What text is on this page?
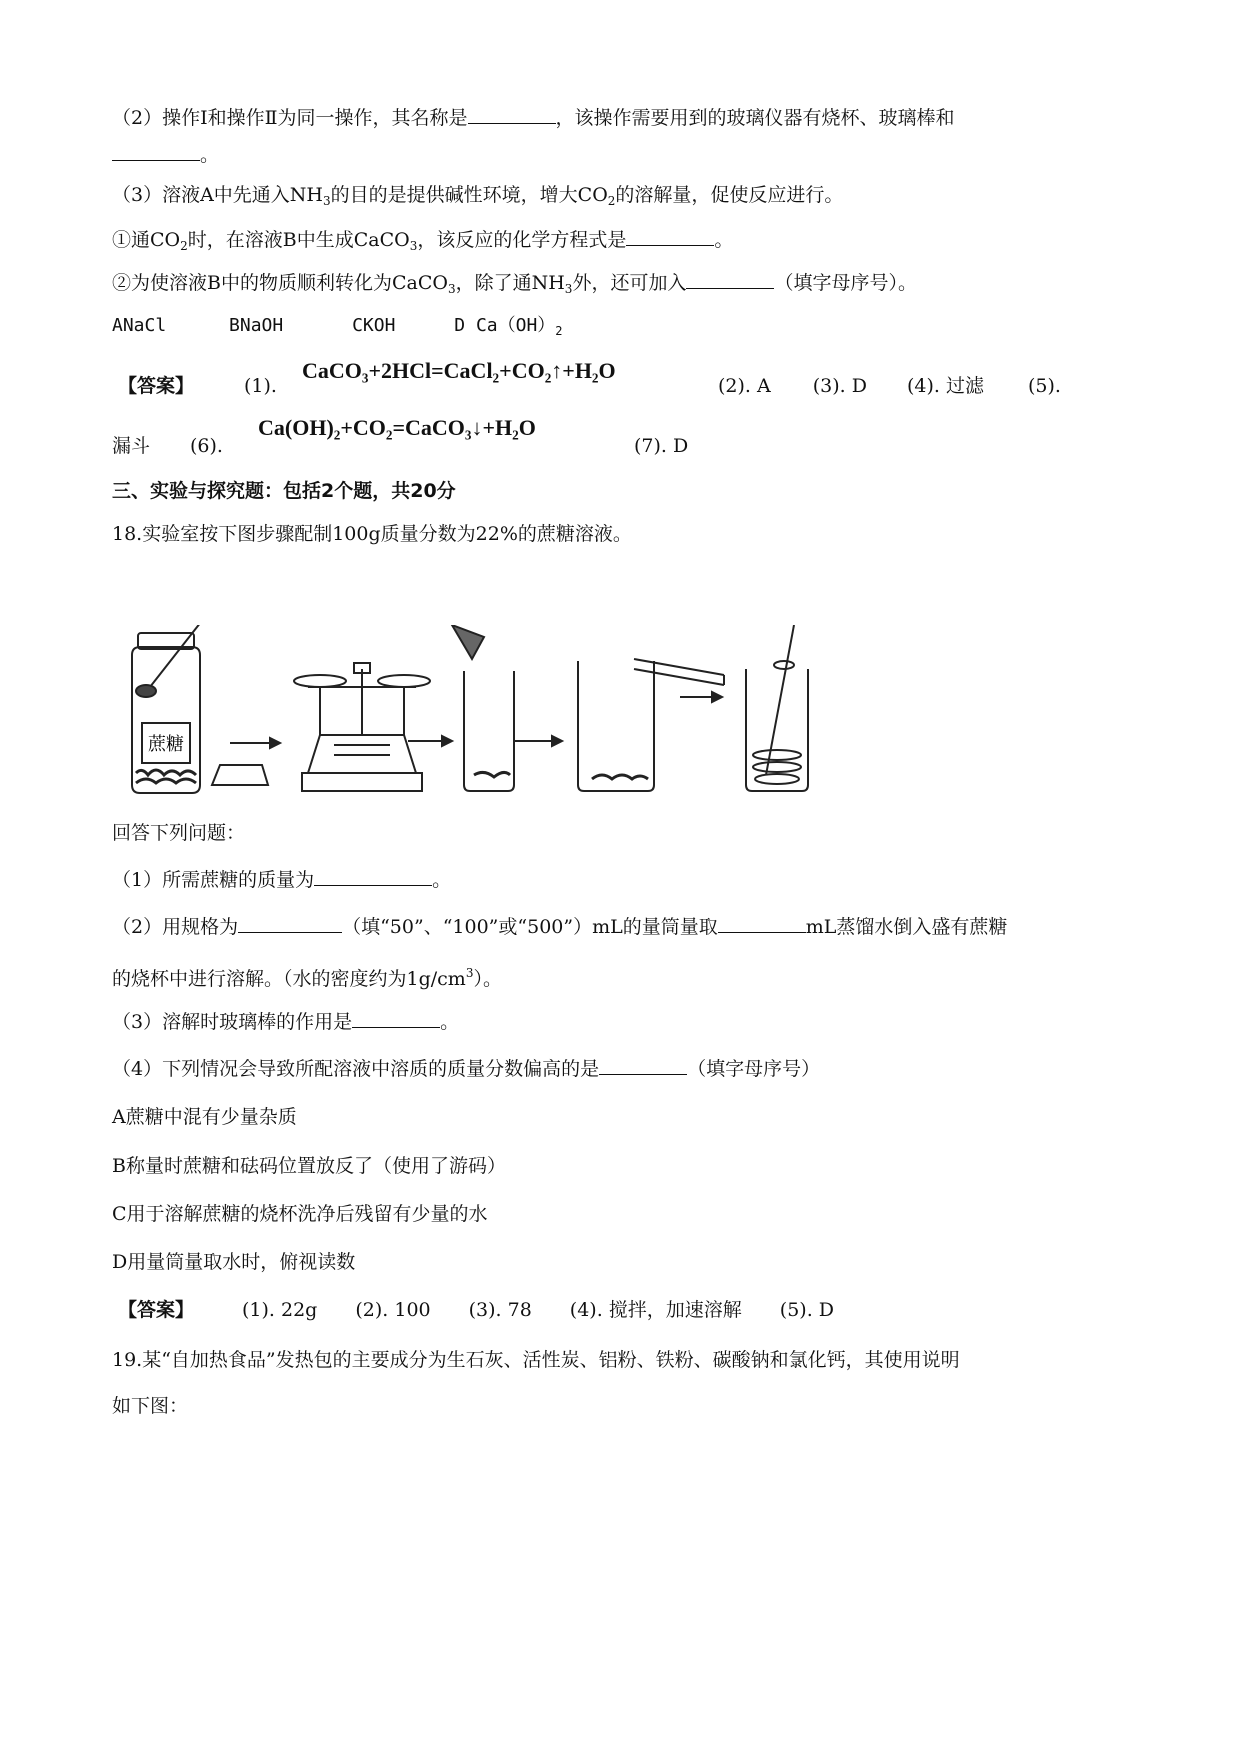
（2）操作Ⅰ和操作Ⅱ为同一操作，其名称是	，该操作需要用到的玻璃仪器有烧杯、玻璃棒和
。
（3）溶液A中先通入$NH_3$的目的是提供碱性环境，增大$CO_2$的溶解量，促使反应进行。
①通$CO_2$时，在溶液B中生成CaCO$_3$，该反应的化学方程式是	。
②为使溶液B中的物质顺利转化为CaCO$_3$，除了通$NH_3$外，还可加入	（填字母序号）。
ANaCl	BNaOH	CKOH	D $Ca(OH)_2$
【答案】	(1).
CaCO₃+2HCl=CaCl₂+CO₂↑+H₂O
(2). A (3). D (4). 过滤 (5).
漏斗 (6).
Ca(OH)₂+CO₂=CaCO₃↓+H₂O
(7). D
三、实验与探究题：包括2个题，共20分
18.实验室按下图步骤配制100g质量分数为22%的蔗糖溶液。
蔗糖
回答下列问题：
（1）所需蔗糖的质量为	。
（2）用规格为	（填“50”、“100”或“500”）mL的量筒量取	mL蒸馏水倒入盛有蔗糖
的烧杯中进行溶解。（水的密度约为$1g/cm^3$）。
（3）溶解时玻璃棒的作用是	。
（4）下列情况会导致所配溶液中溶质的质量分数偏高的是	（填字母序号）
A蔗糖中混有少量杂质
B称量时蔗糖和砝码位置放反了（使用了游码）
C用于溶解蔗糖的烧杯洗净后残留有少量的水
D用量筒量取水时，俯视读数
【答案】	(1). 22g (2). 100 (3). 78 (4). 搅拌，加速溶解 (5). D
19.某“自加热食品”发热包的主要成分为生石灰、活性炭、铝粉、铁粉、碳酸钠和氯化钙，其使用说明
如下图：
